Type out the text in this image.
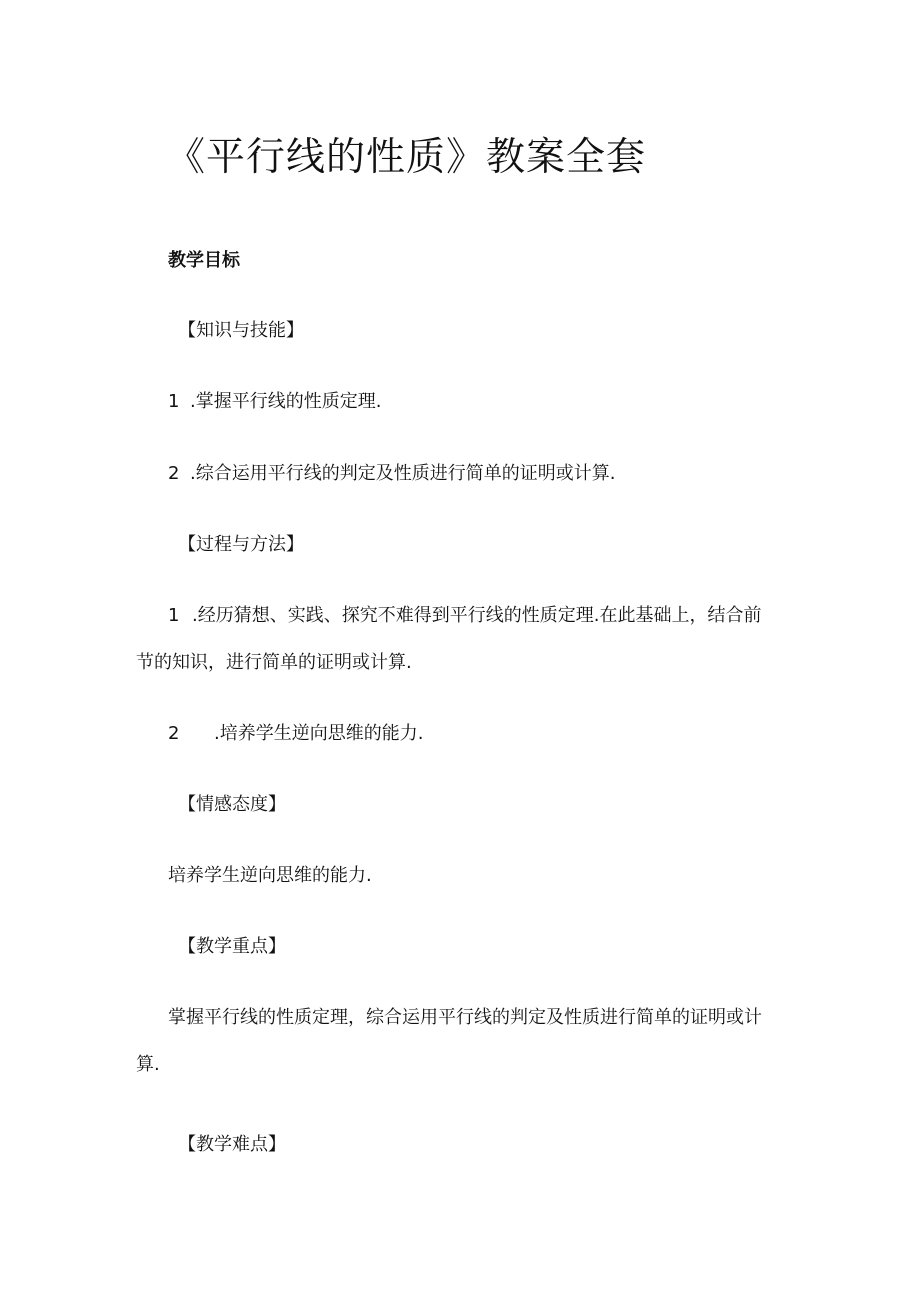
《平行线的性质》教案全套
教学目标
【知识与技能】
1 .掌握平行线的性质定理.
2 .综合运用平行线的判定及性质进行简单的证明或计算.
【过程与方法】
1 .经历猜想、实践、探究不难得到平行线的性质定理.在此基础上，结合前
节的知识，进行简单的证明或计算.
2 .培养学生逆向思维的能力.
【情感态度】
培养学生逆向思维的能力.
【教学重点】
掌握平行线的性质定理，综合运用平行线的判定及性质进行简单的证明或计
算.
【教学难点】
